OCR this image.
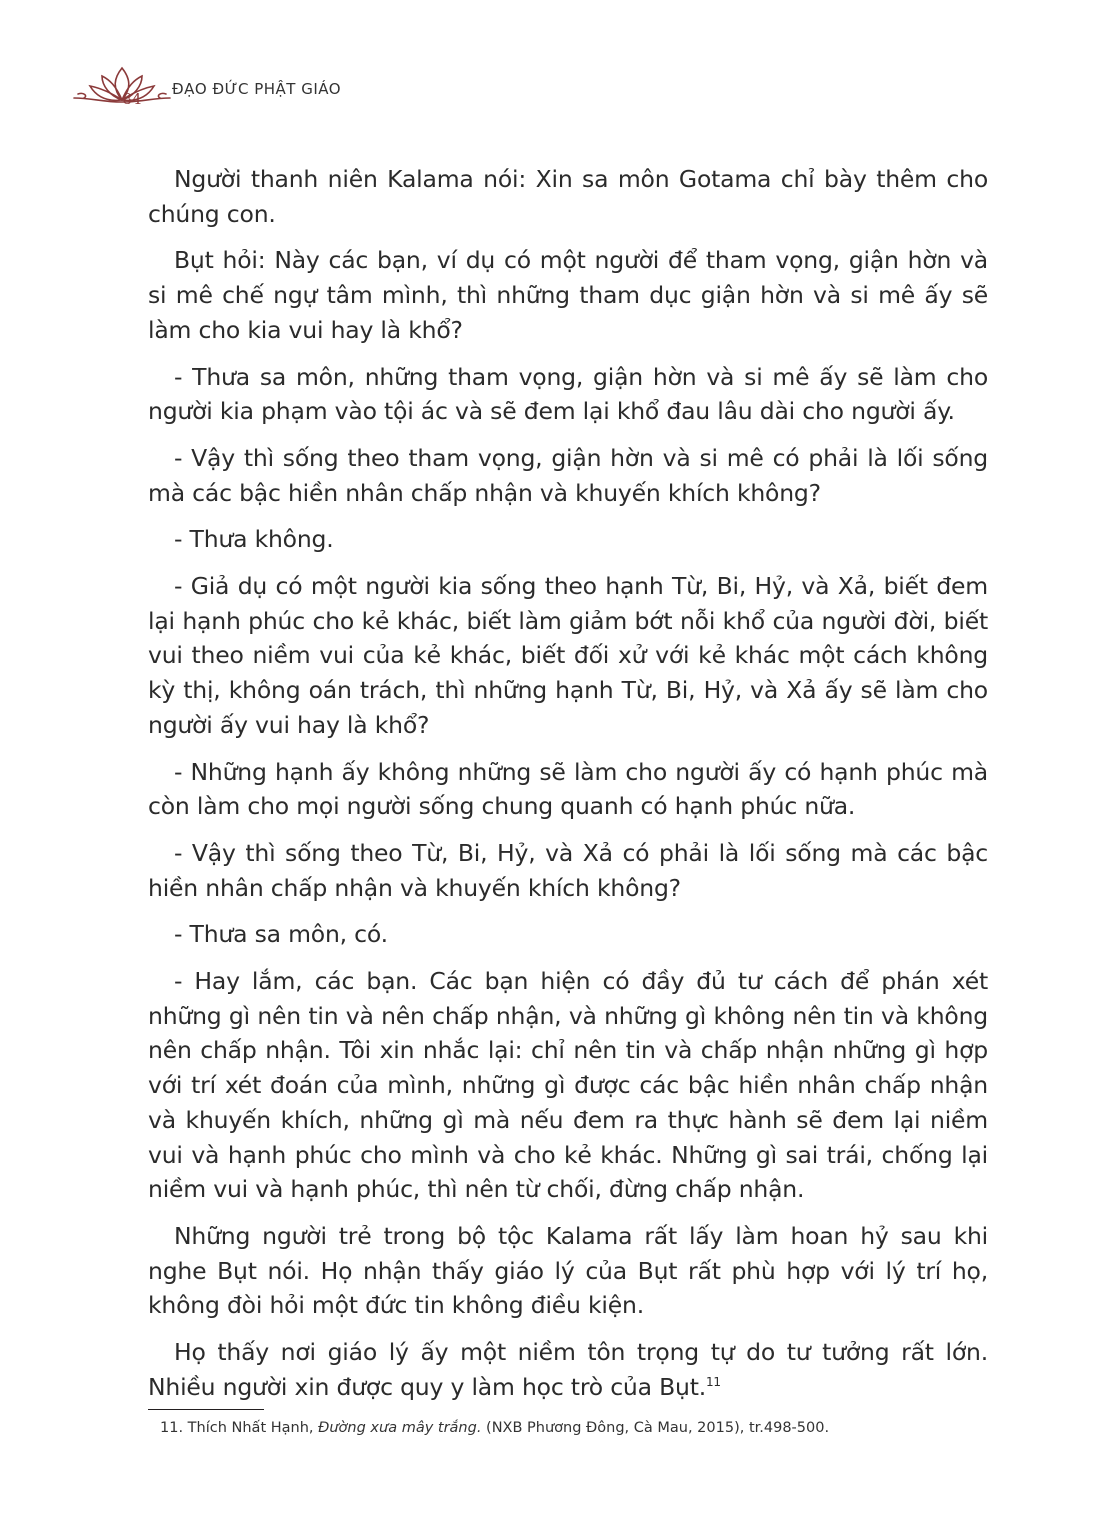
84
ĐẠO ĐỨC PHẬT GIÁO

Người thanh niên Kalama nói: Xin sa môn Gotama chỉ bày thêm cho chúng con.

Bụt hỏi: Này các bạn, ví dụ có một người để tham vọng, giận hờn và si mê chế ngự tâm mình, thì những tham dục giận hờn và si mê ấy sẽ làm cho kia vui hay là khổ?

- Thưa sa môn, những tham vọng, giận hờn và si mê ấy sẽ làm cho người kia phạm vào tội ác và sẽ đem lại khổ đau lâu dài cho người ấy.

- Vậy thì sống theo tham vọng, giận hờn và si mê có phải là lối sống mà các bậc hiền nhân chấp nhận và khuyến khích không?

- Thưa không.

- Giả dụ có một người kia sống theo hạnh Từ, Bi, Hỷ, và Xả, biết đem lại hạnh phúc cho kẻ khác, biết làm giảm bớt nỗi khổ của người đời, biết vui theo niềm vui của kẻ khác, biết đối xử với kẻ khác một cách không kỳ thị, không oán trách, thì những hạnh Từ, Bi, Hỷ, và Xả ấy sẽ làm cho người ấy vui hay là khổ?

- Những hạnh ấy không những sẽ làm cho người ấy có hạnh phúc mà còn làm cho mọi người sống chung quanh có hạnh phúc nữa.

- Vậy thì sống theo Từ, Bi, Hỷ, và Xả có phải là lối sống mà các bậc hiền nhân chấp nhận và khuyến khích không?

- Thưa sa môn, có.

- Hay lắm, các bạn. Các bạn hiện có đầy đủ tư cách để phán xét những gì nên tin và nên chấp nhận, và những gì không nên tin và không nên chấp nhận. Tôi xin nhắc lại: chỉ nên tin và chấp nhận những gì hợp với trí xét đoán của mình, những gì được các bậc hiền nhân chấp nhận và khuyến khích, những gì mà nếu đem ra thực hành sẽ đem lại niềm vui và hạnh phúc cho mình và cho kẻ khác. Những gì sai trái, chống lại niềm vui và hạnh phúc, thì nên từ chối, đừng chấp nhận.

Những người trẻ trong bộ tộc Kalama rất lấy làm hoan hỷ sau khi nghe Bụt nói. Họ nhận thấy giáo lý của Bụt rất phù hợp với lý trí họ, không đòi hỏi một đức tin không điều kiện.

Họ thấy nơi giáo lý ấy một niềm tôn trọng tự do tư tưởng rất lớn. Nhiều người xin được quy y làm học trò của Bụt.$^{11}$

11. Thích Nhất Hạnh, Đường xưa mây trắng. (NXB Phương Đông, Cà Mau, 2015), tr.498-500.
